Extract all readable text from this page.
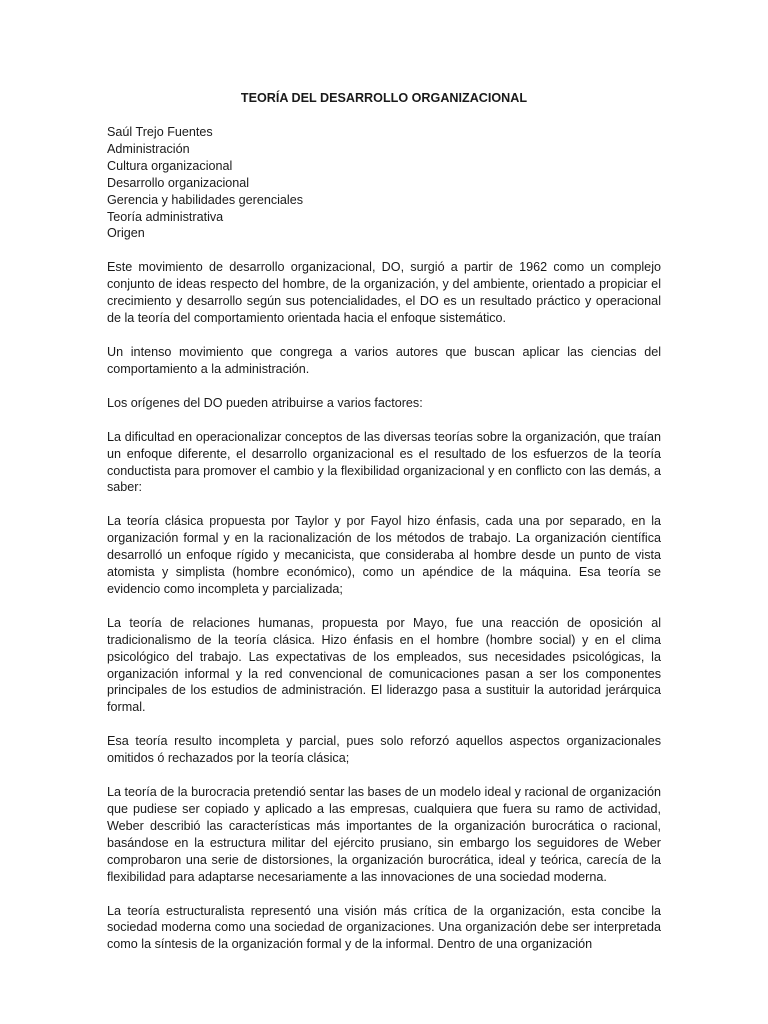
TEORÍA DEL DESARROLLO ORGANIZACIONAL

Saúl Trejo Fuentes
Administración
Cultura organizacional
Desarrollo organizacional
Gerencia y habilidades gerenciales
Teoría administrativa
Origen

Este movimiento de desarrollo organizacional, DO, surgió a partir de 1962 como un complejo conjunto de ideas respecto del hombre, de la organización, y del ambiente, orientado a propiciar el crecimiento y desarrollo según sus potencialidades, el DO es un resultado práctico y operacional de la teoría del comportamiento orientada hacia el enfoque sistemático.

Un intenso movimiento que congrega a varios autores que buscan aplicar las ciencias del comportamiento a la administración.

Los orígenes del DO pueden atribuirse a varios factores:

La dificultad en operacionalizar conceptos de las diversas teorías sobre la organización, que traían un enfoque diferente, el desarrollo organizacional es el resultado de los esfuerzos de la teoría conductista para promover el cambio y la flexibilidad organizacional y en conflicto con las demás, a saber:

La teoría clásica propuesta por Taylor y por Fayol hizo énfasis, cada una por separado, en la organización formal y en la racionalización de los métodos de trabajo. La organización científica desarrolló un enfoque rígido y mecanicista, que consideraba al hombre desde un punto de vista atomista y simplista (hombre económico), como un apéndice de la máquina. Esa teoría se evidencio como incompleta y parcializada;

La teoría de relaciones humanas, propuesta por Mayo, fue una reacción de oposición al tradicionalismo de la teoría clásica. Hizo énfasis en el hombre (hombre social) y en el clima psicológico del trabajo. Las expectativas de los empleados, sus necesidades psicológicas, la organización informal y la red convencional de comunicaciones pasan a ser los componentes principales de los estudios de administración. El liderazgo pasa a sustituir la autoridad jerárquica formal.

Esa teoría resulto incompleta y parcial, pues solo reforzó aquellos aspectos organizacionales omitidos ó rechazados por la teoría clásica;

La teoría de la burocracia pretendió sentar las bases de un modelo ideal y racional de organización que pudiese ser copiado y aplicado a las empresas, cualquiera que fuera su ramo de actividad, Weber describió las características más importantes de la organización burocrática o racional, basándose en la estructura militar del ejército prusiano, sin embargo los seguidores de Weber comprobaron una serie de distorsiones, la organización burocrática, ideal y teórica, carecía de la flexibilidad para adaptarse necesariamente a las innovaciones de una sociedad moderna.

La teoría estructuralista representó una visión más crítica de la organización, esta concibe la sociedad moderna como una sociedad de organizaciones. Una organización debe ser interpretada como la síntesis de la organización formal y de la informal. Dentro de una organización
